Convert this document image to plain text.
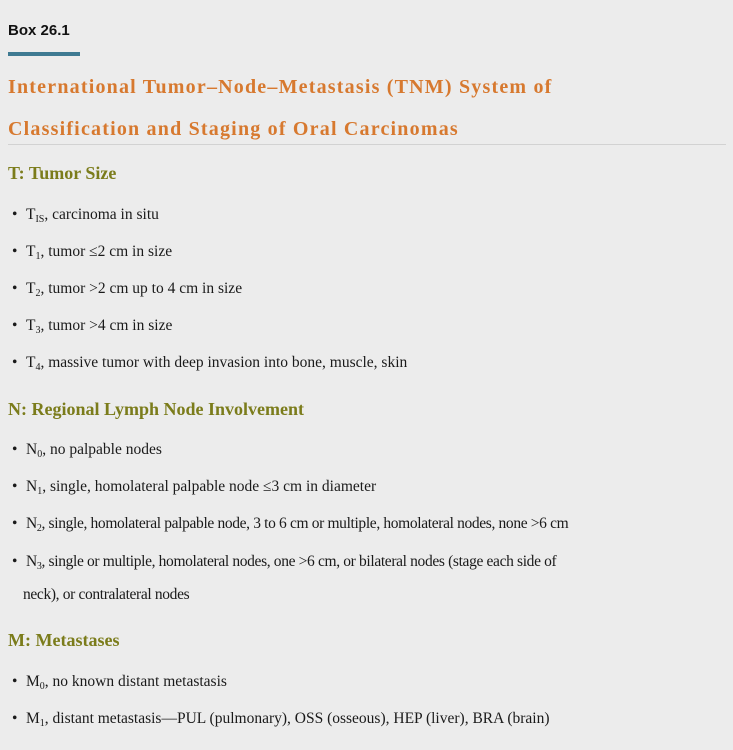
Box 26.1
International Tumor–Node–Metastasis (TNM) System of
Classification and Staging of Oral Carcinomas
T: Tumor Size
• $T_{IS}$, carcinoma in situ
• $T_1$, tumor ≤2 cm in size
• $T_2$, tumor >2 cm up to 4 cm in size
• $T_3$, tumor >4 cm in size
• $T_4$, massive tumor with deep invasion into bone, muscle, skin
N: Regional Lymph Node Involvement
• $N_0$, no palpable nodes
• $N_1$, single, homolateral palpable node ≤3 cm in diameter
• $N_2$, single, homolateral palpable node, 3 to 6 cm or multiple, homolateral nodes, none >6 cm
• $N_3$, single or multiple, homolateral nodes, one >6 cm, or bilateral nodes (stage each side of
neck), or contralateral nodes
M: Metastases
• $M_0$, no known distant metastasis
• $M_1$, distant metastasis—PUL (pulmonary), OSS (osseous), HEP (liver), BRA (brain)
